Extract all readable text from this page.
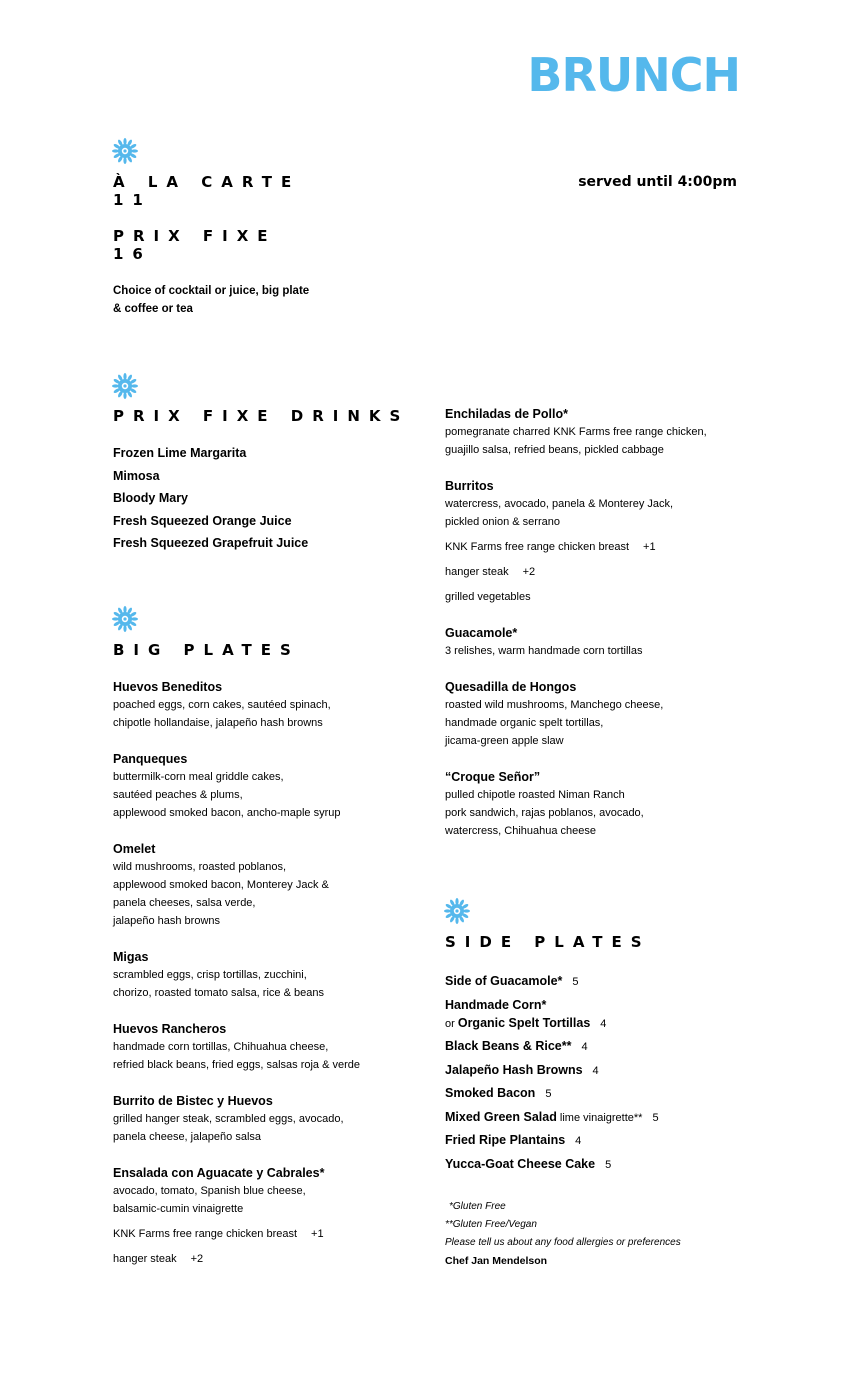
BRUNCH
À LA CARTE
11
served until 4:00pm
PRIX FIXE
16
Choice of cocktail or juice, big plate
& coffee or tea
PRIX FIXE DRINKS
Frozen Lime Margarita
Mimosa
Bloody Mary
Fresh Squeezed Orange Juice
Fresh Squeezed Grapefruit Juice
BIG PLATES
Huevos Beneditos
poached eggs, corn cakes, sautéed spinach,
chipotle hollandaise, jalapeño hash browns
Panqueques
buttermilk-corn meal griddle cakes,
sautéed peaches & plums,
applewood smoked bacon, ancho-maple syrup
Omelet
wild mushrooms, roasted poblanos,
applewood smoked bacon, Monterey Jack &
panela cheeses, salsa verde,
jalapeño hash browns
Migas
scrambled eggs, crisp tortillas, zucchini,
chorizo, roasted tomato salsa, rice & beans
Huevos Rancheros
handmade corn tortillas, Chihuahua cheese,
refried black beans, fried eggs, salsas roja & verde
Burrito de Bistec y Huevos
grilled hanger steak, scrambled eggs, avocado,
panela cheese, jalapeño salsa
Ensalada con Aguacate y Cabrales*
avocado, tomato, Spanish blue cheese,
balsamic-cumin vinaigrette
KNK Farms free range chicken breast +1
hanger steak +2
Enchiladas de Pollo*
pomegranate charred KNK Farms free range chicken,
guajillo salsa, refried beans, pickled cabbage
Burritos
watercress, avocado, panela & Monterey Jack,
pickled onion & serrano
KNK Farms free range chicken breast +1
hanger steak +2
grilled vegetables
Guacamole*
3 relishes, warm handmade corn tortillas
Quesadilla de Hongos
roasted wild mushrooms, Manchego cheese,
handmade organic spelt tortillas,
jicama-green apple slaw
“Croque Señor”
pulled chipotle roasted Niman Ranch
pork sandwich, rajas poblanos, avocado,
watercress, Chihuahua cheese
SIDE PLATES
Side of Guacamole* 5
Handmade Corn*
or Organic Spelt Tortillas 4
Black Beans & Rice** 4
Jalapeño Hash Browns 4
Smoked Bacon 5
Mixed Green Salad lime vinaigrette** 5
Fried Ripe Plantains 4
Yucca-Goat Cheese Cake 5
*Gluten Free
**Gluten Free/Vegan
Please tell us about any food allergies or preferences
Chef Jan Mendelson
